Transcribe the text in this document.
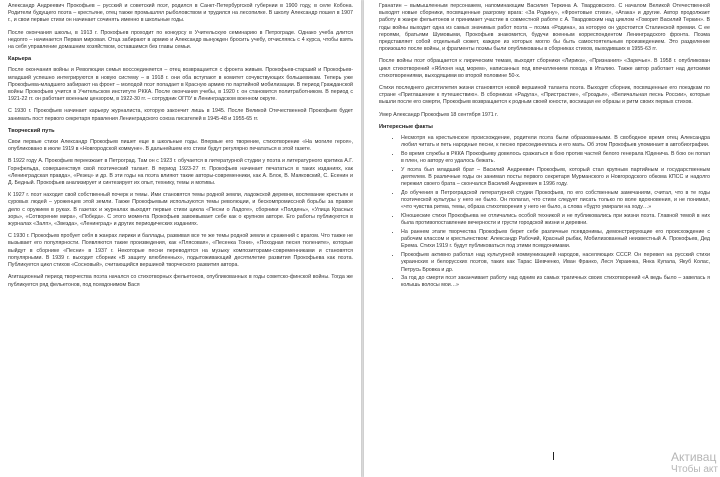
Александр Андреевич Прокофьев – русский и советский поэт, родился в Санкт-Петербургской губернии в 1900 году, в селе Кобона. Родители будущего поэта – крестьяне, отец также промышлял рыболовством и трудился на лесопилке. В школу Александр пошел в 1907 г., и свои первые стихи он начинает сочинять именно в школьные годы.

После окончания школы, в 1913 г. Прокофьев проходит по конкурсу в Учительскую семинарию в Петрограде. Однако учеба длится недолго – начинается Первая мировая. Отца забирают в армию и Александр вынужден бросить учебу, отчисляясь с 4 курса, чтобы взять на себя управление домашним хозяйством, оставшимся без главы семьи.

Карьера

После окончания войны и Революции семья воссоединяется – отец возвращается с фронта живым. Прокофьев-старший и Прокофьев-младший успешно интегрируются в новую систему – в 1918 г. они оба вступают в комитет сочувствующих большевикам. Теперь уже Прокофьева-младшего забирают на фронт – молодой поэт попадает в Красную армию по партийной мобилизации. В период Гражданской войны Прокофьев учится в Учительском институте РККА. После окончания учебы, в 1920 г. он становится политработником. В период с 1921-22 гг. он работает военным цензором, в 1922-30 гг. – сотрудник ОГПУ в Ленинградском военном округе.

С 1930 г. Прокофьев начинает карьеру журналиста, которую закончит лишь в 1945. После Великой Отечественной Прокофьев будет занимать пост первого секретаря правления Ленинградского союза писателей в 1945-48 и 1955-65 гг.

Творческий путь

Свои первые стихи Александр Прокофьев пишет еще в школьные годы. Впервые его творение, стихотворение «На могиле героя», опубликовано в июле 1919 в «Новгородской коммуне». В дальнейшем его стихи будут регулярно печататься в этой газете.

В 1922 году А. Прокофьев переезжает в Петроград. Там он с 1923 г. обучается в литературной студии у поэта и литературного критика А.Г. Горнфельда, совершенствуя свой поэтический талант. В период 1923-27 гг. Прокофьев начинает печататься в таких изданиях, как «Ленинградская правда», «Резец» и др. В эти годы на поэта влияют такие авторы-современники, как А. Блок, В. Маяковский, С. Есенин и Д. Бедный. Прокофьев анализирует и синтезирует их опыт, технику, темы и мотивы.

К 1927 г. поэт находит свой собственный почерк и темы. Ими становятся темы родной земли, ладожской деревни, воспевание крестьян и суровых людей – уроженцев этой земли. Также Прокофьевым используются темы революции, и бескомпромиссной борьбы за правое дело с оружием в руках. В газетах и журналах выходят первые стихи цикла «Песни о Ладоге», сборники «Полдень», «Улица Красных зорь», «Сотворение мира», «Победа». С этого момента Прокофьев завоевывает себе как о крупном авторе. Его работы публикуются в журналах «Залп», «Звезда», «Ленинград» и других периодических изданиях.

С 1930 г. Прокофьев пробует себя в жанрах лирики и баллады, развивая все те же темы родной земли и сражений с врагом. Что также не вызывает его популярности. Появляются такие произведения, как «Плясовая», «Песенка Тони», «Походная песня тюлените», которые выйдут в сборнике «Песни» в 1937 г. Некоторые песни переводятся на музыку композиторами-современниками и становятся популярными. В 1939 г. выходит сборник «В защиту влюбленных», подытоживающий десятилетие развития Прокофьева как поэта. Публикуется цикл стихов «Сосновый», считающийся вершиной творческого развития автора.

Агитационный период творчества поэта начался со стихотворных фельетонов, опубликованных в годы советско-финской войны. Тогда же публикуется ряд фельетонов, под псевдонимом Вася

Гранатин – вымышленным персонажем, напоминающим Василия Теркина А. Твардовского. С началом Великой Отечественной выходят новые сборники, посвященные разгрому врага: «За Родину», «Фронтовые стихи», «Атака» и другие. Автор продолжает работу в жанре фельетонов и принимает участие в совместной работе с А. Твардовским над циклом «Говорит Василий Теркин». В годы войны выходит одна из самых значимых работ поэта – поэма «Родина», за которую он удостоится Сталинской премии. С ее героями, братьями Шумовыми, Прокофьев знакомится, будучи военным корреспондентом Ленинградского фронта. Поэма представляет собой отдельный сюжет, каждое из которых могло бы быть самостоятельным произведением. Это разделение произошло после войны, и фрагменты поэмы были опубликованы в сборниках стихов, выходивших в 1955-63 гг.

После войны поэт обращается к лирическим темам, выходят сборники «Лирика», «Признания» «Заречье». В 1958 г. опубликован цикл стихотворений «Яблоня над морем», написанных под впечатлением похода в Италию. Также автор работает над детскими стихотворениями, выходящими во второй половине 50-х.

Стихи последнего десятилетия жизни становятся новой вершиной таланта поэта. Выходят сборник, посвященные его поездкам по стране «Приглашение к путешествию». В сборниках «Радуга», «Пристрастие», «Гроздья», «Величальная песнь России», которые вышли после его смерти, Прокофьев возвращается к родным своей юности, восхищая ее образы и ритм своих первых стихов.

Умер Александр Прокофьев 18 сентября 1971 г.

Интересные факты
• Несмотря на крестьянское происхождение, родители поэта были образованными. В свободное время отец Александра любил читать и петь народные песни, к песню присоединялась и его мать. Об этом Прокофьев упоминает в автобиографии.
• Во время службы в РККА Прокофьеву довелось сражаться в бою против частей белого генерала Юденича. В бою он попал в плен, но автору его удалось бежать.
• У поэта был младший брат – Василий Андреевич Прокофьев, который стал крупным партийным и государственным деятелем. В различные годы он занимал посты первого секретаря Мурманского и Новгородского обкома КПСС и надолго пережил своего брата – скончался Василий Андреевич в 1996 году.
• До обучения в Петроградской литературной студии Прокофьев, по его собственным замечаниям, считал, что в те годы поэтической культуры у него не было. Он полагал, что стихи следует писать только по воле вдохновения, и не понимал, «что чувства ритма, темы, образа стихотворения у него не было, а слова «будто умирали на ходу…»
• Юношеские стихи Прокофьева не отличались особой техникой и не публиковались при жизни поэта. Главной темой в них была противопоставление вечерности и грусти городской жизни и деревни.
• На раннем этапе творчества Прокофьев берет себе различные псевдонимы, демонстрирующие его происхождение с рабочим классом и крестьянством: Александр Рабочий, Красный рыбак, Мобилизованный неизвестный А. Прокофьев, Дед Ерема. Стихи 1919 г. будут публиковаться под этими псевдонимами.
• Прокофьев активно работал над культурной коммуникацией народов, населяющих СССР. Он перевел на русский стихи украинских и белорусских поэтов, таких как Тарас Шевченко, Иван Франко, Леся Украинка, Янка Купала, Якуб Колас, Петрусь Бровка и др.
• За год до смерти поэт заканчивает работу над одним из самых трагичных своих стихотворений «А ведь было – завелась я колышь волосы мои…»
Активац
Чтобы акт
